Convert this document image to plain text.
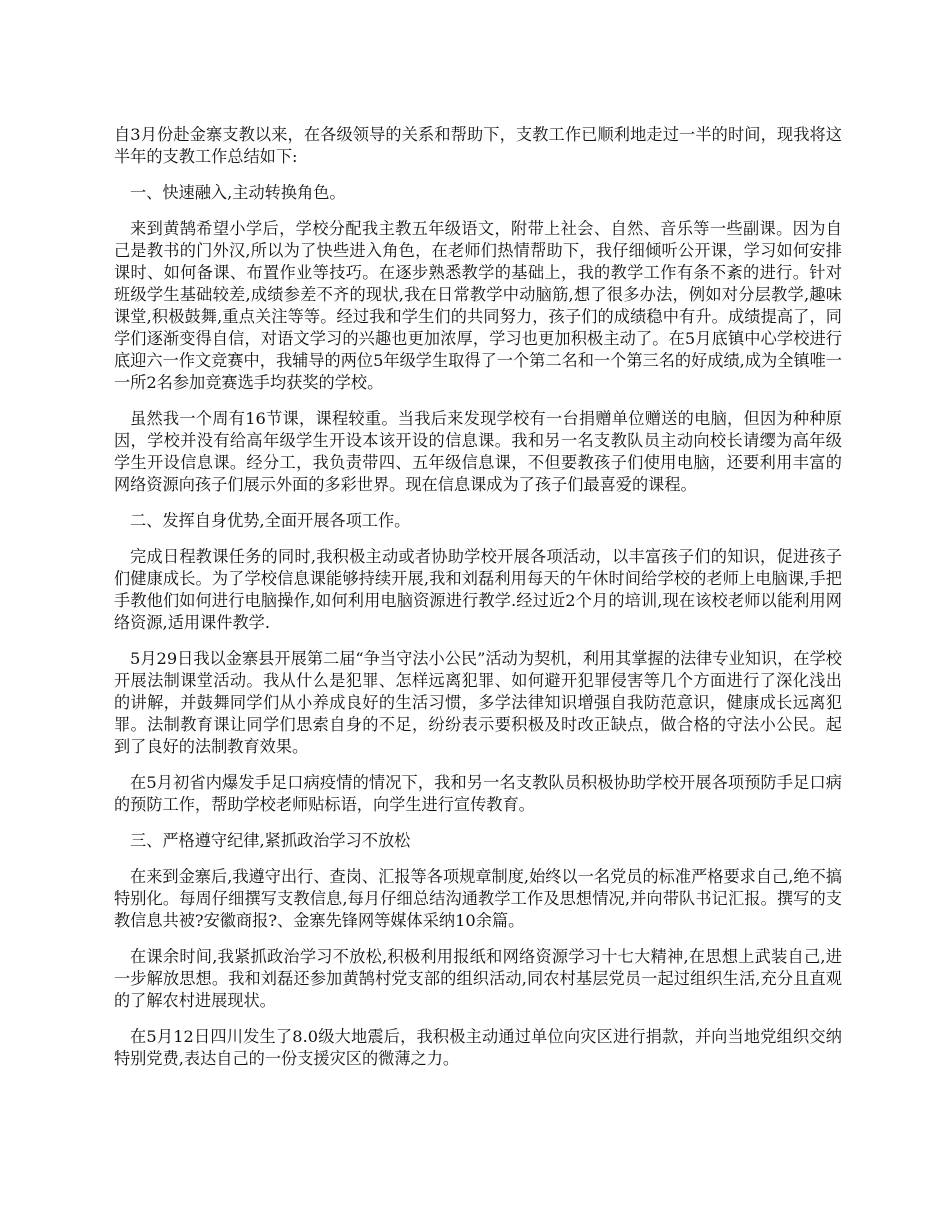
自3月份赴金寨支教以来，在各级领导的关系和帮助下，支教工作已顺利地走过一半的时间，现我将这半年的支教工作总结如下:

一、快速融入,主动转换角色。

来到黄鹄希望小学后，学校分配我主教五年级语文，附带上社会、自然、音乐等一些副课。因为自己是教书的门外汉,所以为了快些进入角色，在老师们热情帮助下，我仔细倾听公开课，学习如何安排课时、如何备课、布置作业等技巧。在逐步熟悉教学的基础上，我的教学工作有条不紊的进行。针对班级学生基础较差,成绩参差不齐的现状,我在日常教学中动脑筋,想了很多办法，例如对分层教学,趣味课堂,积极鼓舞,重点关注等等。经过我和学生们的共同努力，孩子们的成绩稳中有升。成绩提高了，同学们逐渐变得自信，对语文学习的兴趣也更加浓厚，学习也更加积极主动了。在5月底镇中心学校进行底迎六一作文竞赛中，我辅导的两位5年级学生取得了一个第二名和一个第三名的好成绩,成为全镇唯一一所2名参加竞赛选手均获奖的学校。

虽然我一个周有16节课，课程较重。当我后来发现学校有一台捐赠单位赠送的电脑，但因为种种原因，学校并没有给高年级学生开设本该开设的信息课。我和另一名支教队员主动向校长请缨为高年级学生开设信息课。经分工，我负责带四、五年级信息课，不但要教孩子们使用电脑，还要利用丰富的网络资源向孩子们展示外面的多彩世界。现在信息课成为了孩子们最喜爱的课程。

二、发挥自身优势,全面开展各项工作。

完成日程教课任务的同时,我积极主动或者协助学校开展各项活动，以丰富孩子们的知识，促进孩子们健康成长。为了学校信息课能够持续开展,我和刘磊利用每天的午休时间给学校的老师上电脑课,手把手教他们如何进行电脑操作,如何利用电脑资源进行教学.经过近2个月的培训,现在该校老师以能利用网络资源,适用课件教学.

5月29日我以金寨县开展第二届“争当守法小公民”活动为契机，利用其掌握的法律专业知识，在学校开展法制课堂活动。我从什么是犯罪、怎样远离犯罪、如何避开犯罪侵害等几个方面进行了深化浅出的讲解，并鼓舞同学们从小养成良好的生活习惯，多学法律知识增强自我防范意识，健康成长远离犯罪。法制教育课让同学们思索自身的不足，纷纷表示要积极及时改正缺点，做合格的守法小公民。起到了良好的法制教育效果。

在5月初省内爆发手足口病疫情的情况下，我和另一名支教队员积极协助学校开展各项预防手足口病的预防工作，帮助学校老师贴标语，向学生进行宣传教育。

三、严格遵守纪律,紧抓政治学习不放松

在来到金寨后,我遵守出行、查岗、汇报等各项规章制度,始终以一名党员的标准严格要求自己,绝不搞特别化。每周仔细撰写支教信息,每月仔细总结沟通教学工作及思想情况,并向带队书记汇报。撰写的支教信息共被?安徽商报?、金寨先锋网等媒体采纳10余篇。

在课余时间,我紧抓政治学习不放松,积极利用报纸和网络资源学习十七大精神,在思想上武装自己,进一步解放思想。我和刘磊还参加黄鹄村党支部的组织活动,同农村基层党员一起过组织生活,充分且直观的了解农村进展现状。

在5月12日四川发生了8.0级大地震后，我积极主动通过单位向灾区进行捐款，并向当地党组织交纳特别党费,表达自己的一份支援灾区的微薄之力。
